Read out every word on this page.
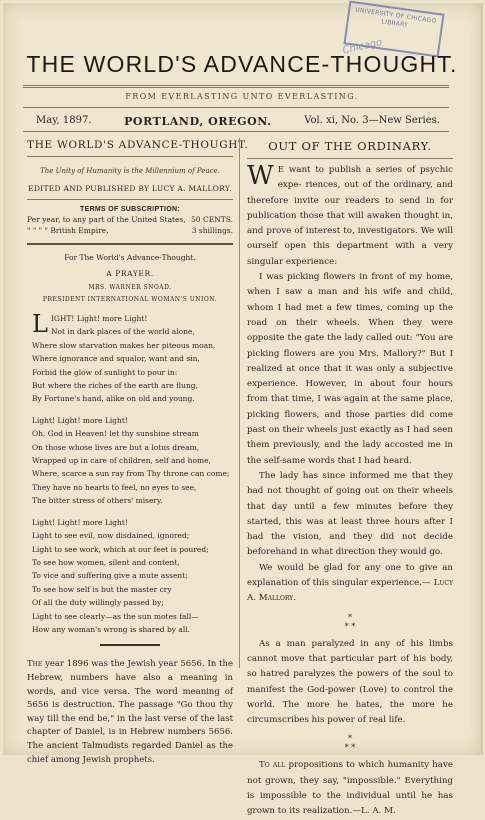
UNIVERSITY OF CHICAGO LIBRARY
Chicago
THE WORLD'S ADVANCE-THOUGHT.
FROM EVERLASTING UNTO EVERLASTING.
May, 1897.	PORTLAND, OREGON.	Vol. xi, No. 3—New Series.
THE WORLD'S ADVANCE-THOUGHT.
The Unity of Humanity is the Millennium of Peace.
EDITED AND PUBLISHED BY LUCY A. MALLORY.
TERMS OF SUBSCRIPTION:
Per year, to any part of the United States, 50 CENTS.
" " " " British Empire,	3 shillings.
For The World's Advance-Thought.
A PRAYER.
MRS. WARNER SNOAD.
PRESIDENT INTERNATIONAL WOMAN'S UNION.
L IGHT! Light! more Light!
Not in dark places of the world alone,
Where slow starvation makes her piteous moan,
Where ignorance and squalor, want and sin,
Forbid the glow of sunlight to pour in:
But where the riches of the earth are flung,
By Fortune's hand, alike on old and young.
Light! Light! more Light!
Oh, God in Heaven! let thy sunshine stream
On those whose lives are but a lotus dream,
Wrapped up in care of children, self and home,
Where, scarce a sun ray from Thy throne can come;
They have no hearts to feel, no eyes to see,
The bitter stress of others' misery.
Light! Light! more Light!
Light to see evil, now disdained, ignored;
Light to see work, which at our feet is poured;
To see how women, silent and content,
To vice and suffering give a mute assent;
To see how self is but the master cry
Of all the duty willingly passed by;
Light to see clearly—as the sun motes fall—
How any woman's wrong is shared by all.
The year 1896 was the Jewish year 5656. In the Hebrew, numbers have also a meaning in words, and vice versa. The word meaning of 5656 is destruction. The passage "Go thou thy way till the end be," in the last verse of the last chapter of Daniel, is in Hebrew numbers 5656. The ancient Talmudists regarded Daniel as the chief among Jewish prophets.
OUT OF THE ORDINARY.

W E want to publish a series of psychic expe- riences, out of the ordinary, and therefore invite our readers to send in for publication those that will awaken thought in, and prove of interest to, investigators. We will ourself open this department with a very singular experience:

I was picking flowers in front of my home, when I saw a man and his wife and child, whom I had met a few times, coming up the road on their wheels. When they were opposite the gate the lady called out: "You are picking flowers are you Mrs. Mallory?" But I realized at once that it was only a subjective experience. However, in about four hours from that time, I was again at the same place, picking flowers, and those parties did come past on their wheels just exactly as I had seen them previously, and the lady accosted me in the self-same words that I had heard.

The lady has since informed me that they had not thought of going out on their wheels that day until a few minutes before they started, this was at least three hours after I had the vision, and they did not decide beforehand in what direction they would go.

We would be glad for any one to give an explanation of this singular experience.— Lucy A. Mallory.

*
* *

As a man paralyzed in any of his limbs cannot move that particular part of his body, so hatred paralyzes the powers of the soul to manifest the God-power (Love) to control the world. The more he hates, the more he circumscribes his power of real life.

*
* *

To all propositions to which humanity have not grown, they say, "impossible." Everything is impossible to the individual until he has grown to its realization.—L. A. M.
